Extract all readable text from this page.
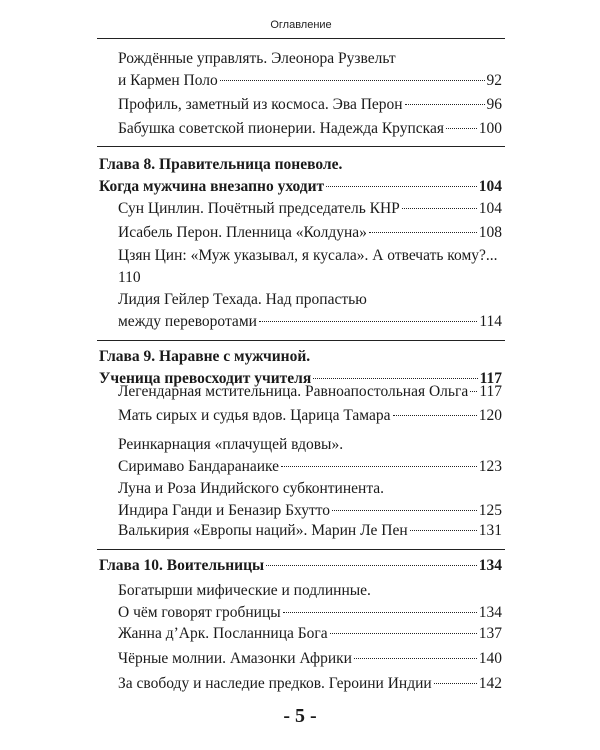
Оглавление
Рождённые управлять. Элеонора Рузвельт
и Кармен Поло	92
Профиль, заметный из космоса. Эва Перон	96
Бабушка советской пионерии. Надежда Крупская 100
Глава 8. Правительница поневоле.
Когда мужчина внезапно уходит	104
Сун Цинлин. Почётный председатель КНР	104
Исабель Перон. Пленница «Колдуна»	108
Цзян Цин: «Муж указывал, я кусала». А отвечать кому?...
110
Лидия Гейлер Техада. Над пропастью
между переворотами	114
Глава 9. Наравне с мужчиной.
Ученица превосходит учителя	117
Легендарная мстительница. Равноапостольная Ольга 117
Мать сирых и судья вдов. Царица Тамара	120
Реинкарнация «плачущей вдовы».
Сиримаво Бандаранаике	123
Луна и Роза Индийского субконтинента.
Индира Ганди и Беназир Бхутто	125
Валькирия «Европы наций». Марин Ле Пен	131
Глава 10. Воительницы	134
Богатырши мифические и подлинные.
О чём говорят гробницы	134
Жанна д’Арк. Посланница Бога	137
Чёрные молнии. Амазонки Африки	140
За свободу и наследие предков. Героини Индии	142
- 5 -
